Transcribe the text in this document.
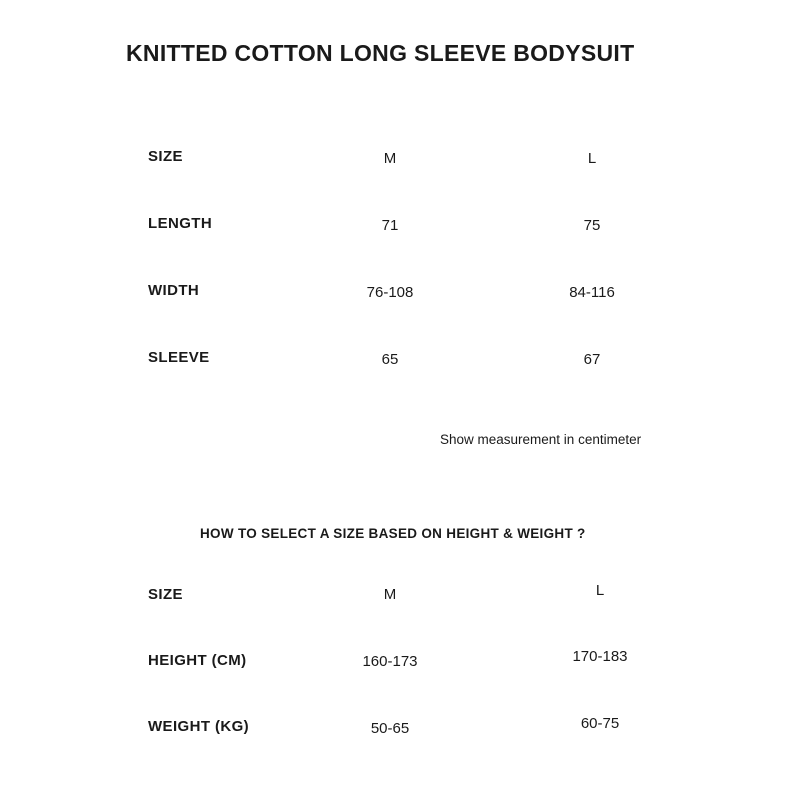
KNITTED COTTON LONG SLEEVE BODYSUIT
SIZE	M	L
LENGTH	71	75
WIDTH	76-108	84-116
SLEEVE	65	67
Show measurement in centimeter
HOW TO SELECT A SIZE BASED ON HEIGHT & WEIGHT ?
SIZE	M	L
HEIGHT (CM)	160-173	170-183
WEIGHT (KG)	50-65	60-75
